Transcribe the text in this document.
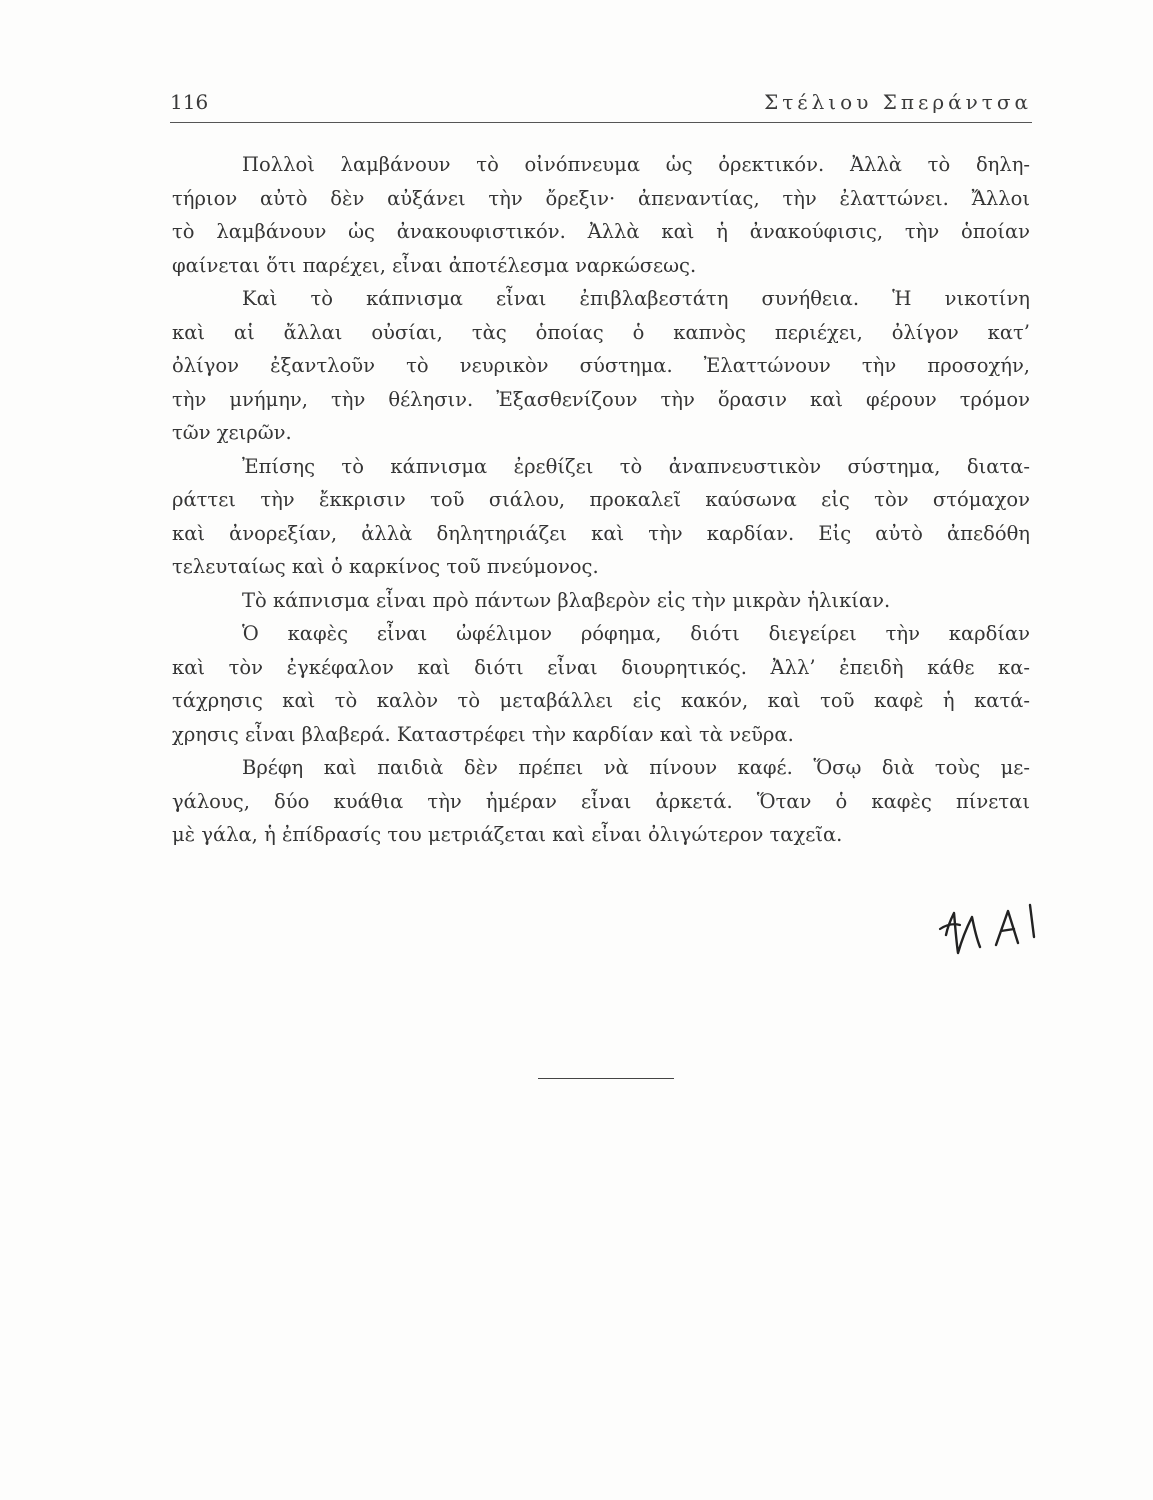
116	Στέλιου Σπεράντσα
Πολλοὶ λαμβάνουν τὸ οἰνόπνευμα ὡς ὀρεκτικόν. Ἀλλὰ τὸ δηλη-
τήριον αὐτὸ δὲν αὐξάνει τὴν ὄρεξιν· ἀπεναντίας, τὴν ἐλαττώνει. Ἄλλοι
τὸ λαμβάνουν ὡς ἀνακουφιστικόν. Ἀλλὰ καὶ ἡ ἀνακούφισις, τὴν ὁποίαν
φαίνεται ὅτι παρέχει, εἶναι ἀποτέλεσμα ναρκώσεως.
Καὶ τὸ κάπνισμα εἶναι ἐπιβλαβεστάτη συνήθεια. Ἡ νικοτίνη
καὶ αἱ ἄλλαι οὐσίαι, τὰς ὁποίας ὁ καπνὸς περιέχει, ὀλίγον κατ’
ὀλίγον ἐξαντλοῦν τὸ νευρικὸν σύστημα. Ἐλαττώνουν τὴν προσοχήν,
τὴν μνήμην, τὴν θέλησιν. Ἐξασθενίζουν τὴν ὅρασιν καὶ φέρουν τρόμον
τῶν χειρῶν.
Ἐπίσης τὸ κάπνισμα ἐρεθίζει τὸ ἀναπνευστικὸν σύστημα, διατα-
ράττει τὴν ἔκκρισιν τοῦ σιάλου, προκαλεῖ καύσωνα εἰς τὸν στόμαχον
καὶ ἀνορεξίαν, ἀλλὰ δηλητηριάζει καὶ τὴν καρδίαν. Εἰς αὐτὸ ἀπεδόθη
τελευταίως καὶ ὁ καρκίνος τοῦ πνεύμονος.
Τὸ κάπνισμα εἶναι πρὸ πάντων βλαβερὸν εἰς τὴν μικρὰν ἡλικίαν.
Ὁ καφὲς εἶναι ὠφέλιμον ρόφημα, διότι διεγείρει τὴν καρδίαν
καὶ τὸν ἐγκέφαλον καὶ διότι εἶναι διουρητικός. Ἀλλ’ ἐπειδὴ κάθε κα-
τάχρησις καὶ τὸ καλὸν τὸ μεταβάλλει εἰς κακόν, καὶ τοῦ καφὲ ἡ κατά-
χρησις εἶναι βλαβερά. Καταστρέφει τὴν καρδίαν καὶ τὰ νεῦρα.
Βρέφη καὶ παιδιὰ δὲν πρέπει νὰ πίνουν καφέ. Ὅσῳ διὰ τοὺς με-
γάλους, δύο κυάθια τὴν ἡμέραν εἶναι ἀρκετά. Ὅταν ὁ καφὲς πίνεται
μὲ γάλα, ἡ ἐπίδρασίς του μετριάζεται καὶ εἶναι ὀλιγώτερον ταχεῖα.
